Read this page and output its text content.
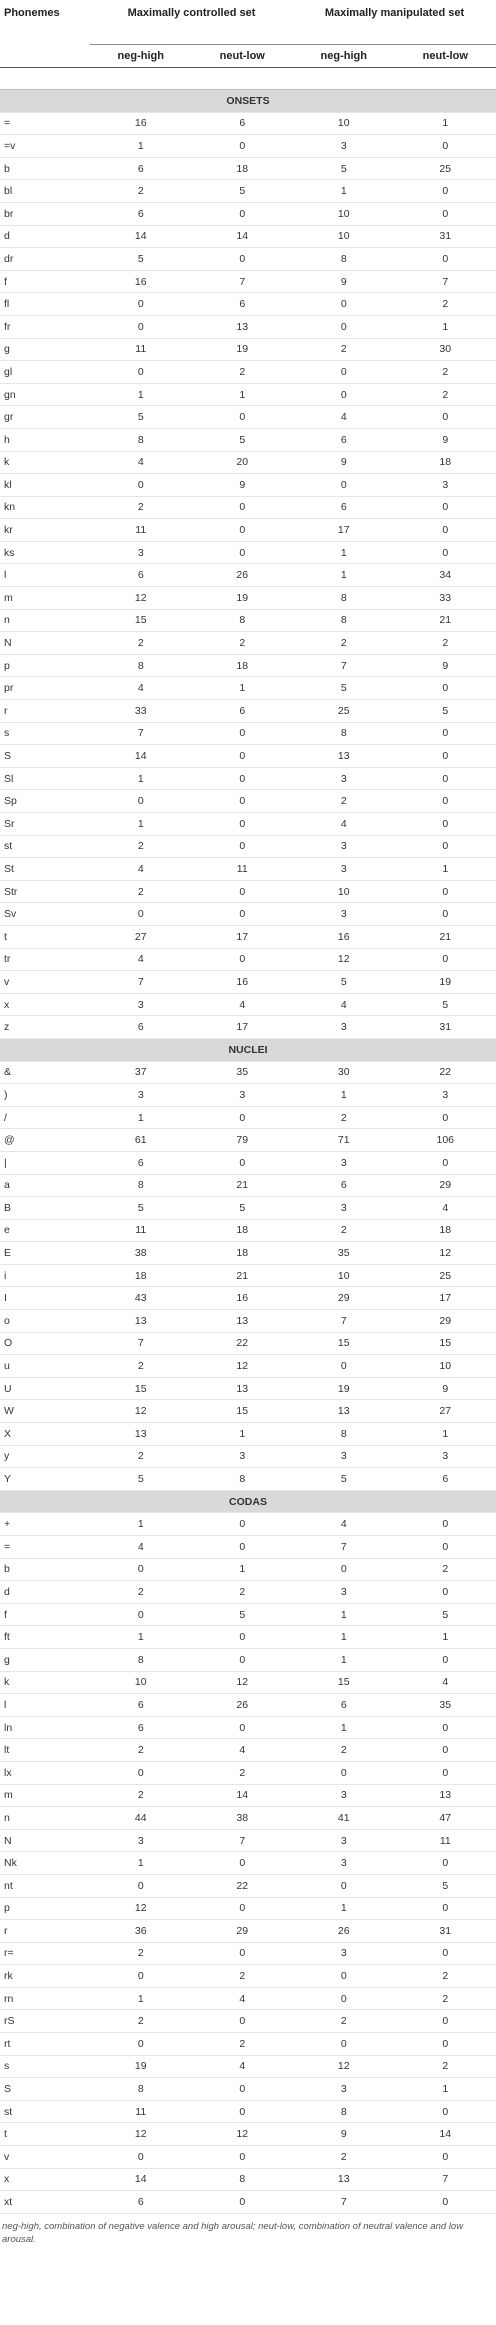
Phonemes	Maximally controlled set		Maximally manipulated set	
	neg-high	neut-low	neg-high	neut-low

ONSETS				
=	16	6	10	1
=v	1	0	3	0
b	6	18	5	25
bl	2	5	1	0
br	6	0	10	0
d	14	14	10	31
dr	5	0	8	0
f	16	7	9	7
fl	0	6	0	2
fr	0	13	0	1
g	11	19	2	30
gl	0	2	0	2
gn	1	1	0	2
gr	5	0	4	0
h	8	5	6	9
k	4	20	9	18
kl	0	9	0	3
kn	2	0	6	0
kr	11	0	17	0
ks	3	0	1	0
l	6	26	1	34
m	12	19	8	33
n	15	8	8	21
N	2	2	2	2
p	8	18	7	9
pr	4	1	5	0
r	33	6	25	5
s	7	0	8	0
S	14	0	13	0
Sl	1	0	3	0
Sp	0	0	2	0
Sr	1	0	4	0
st	2	0	3	0
St	4	11	3	1
Str	2	0	10	0
Sv	0	0	3	0
t	27	17	16	21
tr	4	0	12	0
v	7	16	5	19
x	3	4	4	5
z	6	17	3	31
NUCLEI				
&	37	35	30	22
)	3	3	1	3
/	1	0	2	0
@	61	79	71	106
|	6	0	3	0
a	8	21	6	29
B	5	5	3	4
e	11	18	2	18
E	38	18	35	12
i	18	21	10	25
I	43	16	29	17
o	13	13	7	29
O	7	22	15	15
u	2	12	0	10
U	15	13	19	9
W	12	15	13	27
X	13	1	8	1
y	2	3	3	3
Y	5	8	5	6
CODAS				
+	1	0	4	0
=	4	0	7	0
b	0	1	0	2
d	2	2	3	0
f	0	5	1	5
ft	1	0	1	1
g	8	0	1	0
k	10	12	15	4
l	6	26	6	35
ln	6	0	1	0
lt	2	4	2	0
lx	0	2	0	0
m	2	14	3	13
n	44	38	41	47
N	3	7	3	11
Nk	1	0	3	0
nt	0	22	0	5
p	12	0	1	0
r	36	29	26	31
r=	2	0	3	0
rk	0	2	0	2
rn	1	4	0	2
rS	2	0	2	0
rt	0	2	0	0
s	19	4	12	2
S	8	0	3	1
st	11	0	8	0
t	12	12	9	14
v	0	0	2	0
x	14	8	13	7
xt	6	0	7	0
neg-high, combination of negative valence and high arousal; neut-low, combination of neutral valence and low arousal.
